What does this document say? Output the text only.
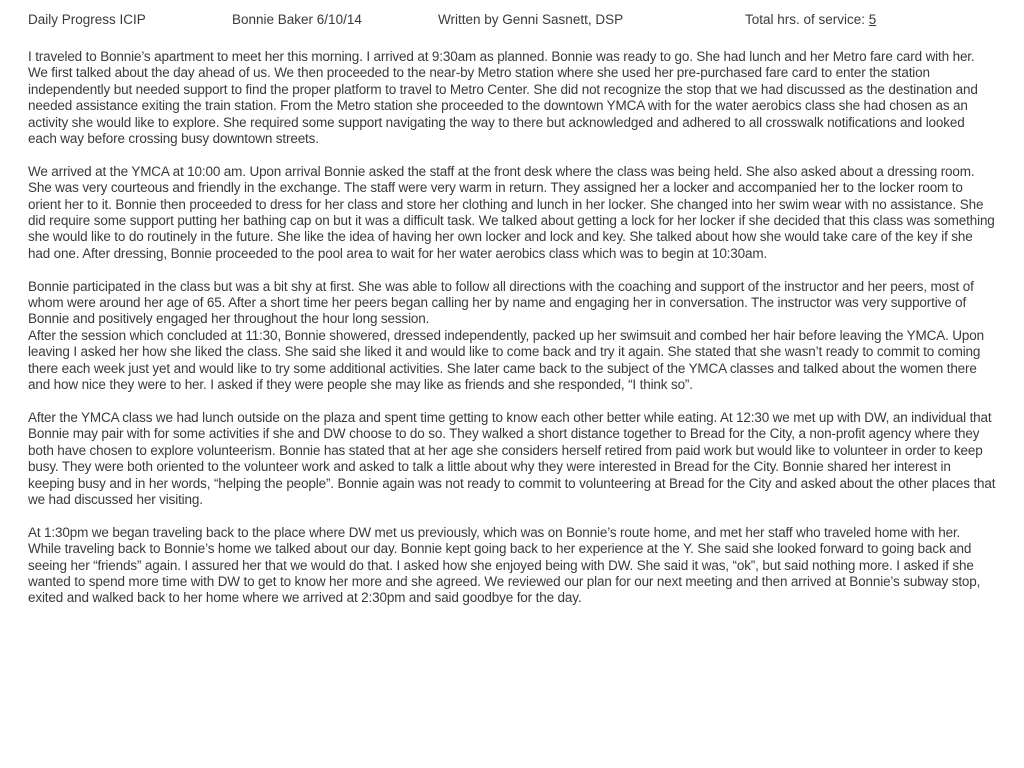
Daily Progress ICIP	Bonnie Baker 6/10/14	Written by Genni Sasnett, DSP	Total hrs. of service: 5

I traveled to Bonnie’s apartment to meet her this morning. I arrived at 9:30am as planned. Bonnie was ready to go. She had lunch and her Metro fare card with her. We first talked about the day ahead of us. We then proceeded to the near-by Metro station where she used her pre-purchased fare card to enter the station independently but needed support to find the proper platform to travel to Metro Center. She did not recognize the stop that we had discussed as the destination and needed assistance exiting the train station. From the Metro station she proceeded to the downtown YMCA with for the water aerobics class she had chosen as an activity she would like to explore. She required some support navigating the way to there but acknowledged and adhered to all crosswalk notifications and looked each way before crossing busy downtown streets.

We arrived at the YMCA at 10:00 am. Upon arrival Bonnie asked the staff at the front desk where the class was being held. She also asked about a dressing room. She was very courteous and friendly in the exchange. The staff were very warm in return. They assigned her a locker and accompanied her to the locker room to orient her to it. Bonnie then proceeded to dress for her class and store her clothing and lunch in her locker. She changed into her swim wear with no assistance. She did require some support putting her bathing cap on but it was a difficult task. We talked about getting a lock for her locker if she decided that this class was something she would like to do routinely in the future. She like the idea of having her own locker and lock and key. She talked about how she would take care of the key if she had one. After dressing, Bonnie proceeded to the pool area to wait for her water aerobics class which was to begin at 10:30am.

Bonnie participated in the class but was a bit shy at first. She was able to follow all directions with the coaching and support of the instructor and her peers, most of whom were around her age of 65. After a short time her peers began calling her by name and engaging her in conversation. The instructor was very supportive of Bonnie and positively engaged her throughout the hour long session.

After the session which concluded at 11:30, Bonnie showered, dressed independently, packed up her swimsuit and combed her hair before leaving the YMCA. Upon leaving I asked her how she liked the class. She said she liked it and would like to come back and try it again. She stated that she wasn’t ready to commit to coming there each week just yet and would like to try some additional activities. She later came back to the subject of the YMCA classes and talked about the women there and how nice they were to her. I asked if they were people she may like as friends and she responded, “I think so”.

After the YMCA class we had lunch outside on the plaza and spent time getting to know each other better while eating. At 12:30 we met up with DW, an individual that Bonnie may pair with for some activities if she and DW choose to do so. They walked a short distance together to Bread for the City, a non-profit agency where they both have chosen to explore volunteerism. Bonnie has stated that at her age she considers herself retired from paid work but would like to volunteer in order to keep busy. They were both oriented to the volunteer work and asked to talk a little about why they were interested in Bread for the City. Bonnie shared her interest in keeping busy and in her words, “helping the people”. Bonnie again was not ready to commit to volunteering at Bread for the City and asked about the other places that we had discussed her visiting.

At 1:30pm we began traveling back to the place where DW met us previously, which was on Bonnie’s route home, and met her staff who traveled home with her. While traveling back to Bonnie’s home we talked about our day. Bonnie kept going back to her experience at the Y. She said she looked forward to going back and seeing her “friends” again. I assured her that we would do that. I asked how she enjoyed being with DW. She said it was, “ok”, but said nothing more. I asked if she wanted to spend more time with DW to get to know her more and she agreed. We reviewed our plan for our next meeting and then arrived at Bonnie’s subway stop, exited and walked back to her home where we arrived at 2:30pm and said goodbye for the day.
